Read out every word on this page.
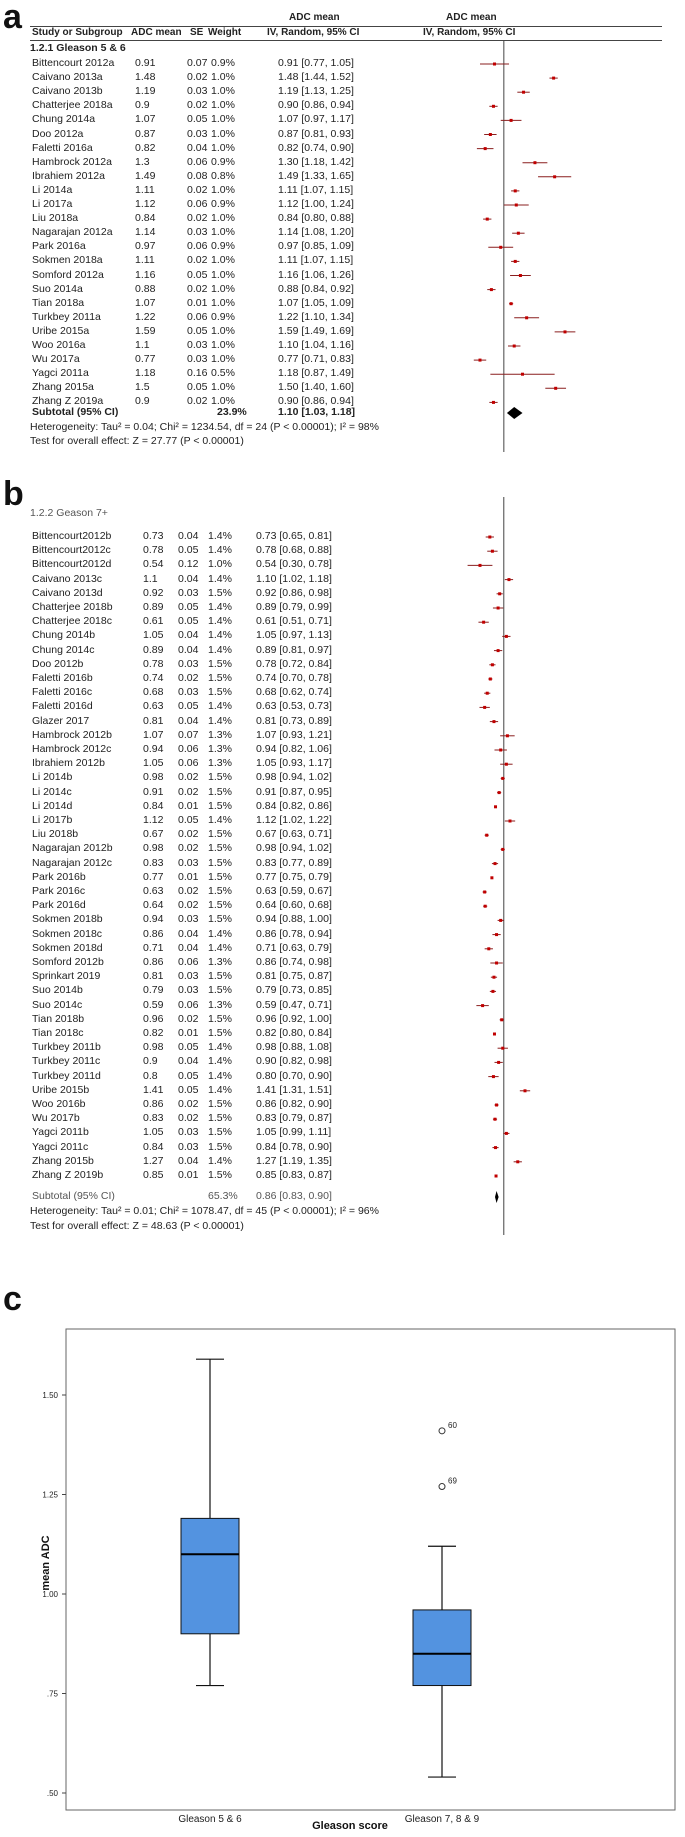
a
b
c
Study or Subgroup ADC mean SE Weight
ADC mean
IV, Random, 95% CI
ADC mean
IV, Random, 95% CI
1.2.1 Gleason 5 & 6
Bittencourt 2012a 0.91	0.07 0.9%	0.91 [0.77, 1.05]
Caivano 2013a	1.48	0.02 1.0%	1.48 [1.44, 1.52]
Caivano 2013b	1.19	0.03 1.0%	1.19 [1.13, 1.25]
Chatterjee 2018a 0.9	0.02 1.0%	0.90 [0.86, 0.94]
Chung 2014a	1.07	0.05 1.0%	1.07 [0.97, 1.17]
Doo 2012a	0.87	0.03 1.0%	0.87 [0.81, 0.93]
Faletti 2016a	0.82	0.04 1.0%	0.82 [0.74, 0.90]
Hambrock 2012a 1.3	0.06 0.9%	1.30 [1.18, 1.42]
Ibrahiem 2012a	1.49	0.08 0.8%	1.49 [1.33, 1.65]
Li 2014a	1.11	0.02 1.0%	1.11 [1.07, 1.15]
Li 2017a	1.12	0.06 0.9%	1.12 [1.00, 1.24]
Liu 2018a	0.84	0.02 1.0%	0.84 [0.80, 0.88]
Nagarajan 2012a 1.14	0.03 1.0%	1.14 [1.08, 1.20]
Park 2016a	0.97	0.06 0.9%	0.97 [0.85, 1.09]
Sokmen 2018a	1.11	0.02 1.0%	1.11 [1.07, 1.15]
Somford 2012a	1.16	0.05 1.0%	1.16 [1.06, 1.26]
Suo 2014a	0.88	0.02 1.0%	0.88 [0.84, 0.92]
Tian 2018a	1.07	0.01 1.0%	1.07 [1.05, 1.09]
Turkbey 2011a	1.22	0.06 0.9%	1.22 [1.10, 1.34]
Uribe 2015a	1.59	0.05 1.0%	1.59 [1.49, 1.69]
Woo 2016a	1.1	0.03 1.0%	1.10 [1.04, 1.16]
Wu 2017a	0.77	0.03 1.0%	0.77 [0.71, 0.83]
Yagci 2011a	1.18	0.16 0.5%	1.18 [0.87, 1.49]
Zhang 2015a	1.5	0.05 1.0%	1.50 [1.40, 1.60]
Zhang Z 2019a	0.9	0.02 1.0%	0.90 [0.86, 0.94]
Subtotal (95% CI)	23.9%	1.10 [1.03, 1.18]
Heterogeneity: Tau² = 0.04; Chi² = 1234.54, df = 24 (P < 0.00001); I² = 98%
Test for overall effect: Z = 27.77 (P < 0.00001)
1.2.2 Geason 7+
Bittencourt2012b	0.73 0.04 1.4% 0.73 [0.65, 0.81]
Bittencourt2012c	0.78 0.05 1.4% 0.78 [0.68, 0.88]
Bittencourt2012d	0.54 0.12 1.0% 0.54 [0.30, 0.78]
Caivano 2013c	1.1 0.04 1.4% 1.10 [1.02, 1.18]
Caivano 2013d	0.92 0.03 1.5% 0.92 [0.86, 0.98]
Chatterjee 2018b	0.89 0.05 1.4% 0.89 [0.79, 0.99]
Chatterjee 2018c	0.61 0.05 1.4% 0.61 [0.51, 0.71]
Chung 2014b	1.05 0.04 1.4% 1.05 [0.97, 1.13]
Chung 2014c	0.89 0.04 1.4% 0.89 [0.81, 0.97]
Doo 2012b	0.78 0.03 1.5% 0.78 [0.72, 0.84]
Faletti 2016b	0.74 0.02 1.5% 0.74 [0.70, 0.78]
Faletti 2016c	0.68 0.03 1.5% 0.68 [0.62, 0.74]
Faletti 2016d	0.63 0.05 1.4% 0.63 [0.53, 0.73]
Glazer 2017	0.81 0.04 1.4% 0.81 [0.73, 0.89]
Hambrock 2012b	1.07 0.07 1.3% 1.07 [0.93, 1.21]
Hambrock 2012c	0.94 0.06 1.3% 0.94 [0.82, 1.06]
Ibrahiem 2012b	1.05 0.06 1.3% 1.05 [0.93, 1.17]
Li 2014b	0.98 0.02 1.5% 0.98 [0.94, 1.02]
Li 2014c	0.91 0.02 1.5% 0.91 [0.87, 0.95]
Li 2014d	0.84 0.01 1.5% 0.84 [0.82, 0.86]
Li 2017b	1.12 0.05 1.4% 1.12 [1.02, 1.22]
Liu 2018b	0.67 0.02 1.5% 0.67 [0.63, 0.71]
Nagarajan 2012b	0.98 0.02 1.5% 0.98 [0.94, 1.02]
Nagarajan 2012c	0.83 0.03 1.5% 0.83 [0.77, 0.89]
Park 2016b	0.77 0.01 1.5% 0.77 [0.75, 0.79]
Park 2016c	0.63 0.02 1.5% 0.63 [0.59, 0.67]
Park 2016d	0.64 0.02 1.5% 0.64 [0.60, 0.68]
Sokmen 2018b	0.94 0.03 1.5% 0.94 [0.88, 1.00]
Sokmen 2018c	0.86 0.04 1.4% 0.86 [0.78, 0.94]
Sokmen 2018d	0.71 0.04 1.4% 0.71 [0.63, 0.79]
Somford 2012b	0.86 0.06 1.3% 0.86 [0.74, 0.98]
Sprinkart 2019	0.81 0.03 1.5% 0.81 [0.75, 0.87]
Suo 2014b	0.79 0.03 1.5% 0.79 [0.73, 0.85]
Suo 2014c	0.59 0.06 1.3% 0.59 [0.47, 0.71]
Tian 2018b	0.96 0.02 1.5% 0.96 [0.92, 1.00]
Tian 2018c	0.82 0.01 1.5% 0.82 [0.80, 0.84]
Turkbey 2011b	0.98 0.05 1.4% 0.98 [0.88, 1.08]
Turkbey 2011c	0.9 0.04 1.4% 0.90 [0.82, 0.98]
Turkbey 2011d	0.8 0.05 1.4% 0.80 [0.70, 0.90]
Uribe 2015b	1.41 0.05 1.4% 1.41 [1.31, 1.51]
Woo 2016b	0.86 0.02 1.5% 0.86 [0.82, 0.90]
Wu 2017b	0.83 0.02 1.5% 0.83 [0.79, 0.87]
Yagci 2011b	1.05 0.03 1.5% 1.05 [0.99, 1.11]
Yagci 2011c	0.84 0.03 1.5% 0.84 [0.78, 0.90]
Zhang 2015b	1.27 0.04 1.4% 1.27 [1.19, 1.35]
Zhang Z 2019b	0.85 0.01 1.5% 0.85 [0.83, 0.87]
Subtotal (95% CI)	65.3% 0.86 [0.83, 0.90]
Heterogeneity: Tau² = 0.01; Chi² = 1078.47, df = 45 (P < 0.00001); I² = 96%
Test for overall effect: Z = 48.63 (P < 0.00001)
1.50
1.25
1.00
.75
.50
Gleason 5 & 6
60
69
Gleason 7, 8 & 9
mean ADC
Gleason score
